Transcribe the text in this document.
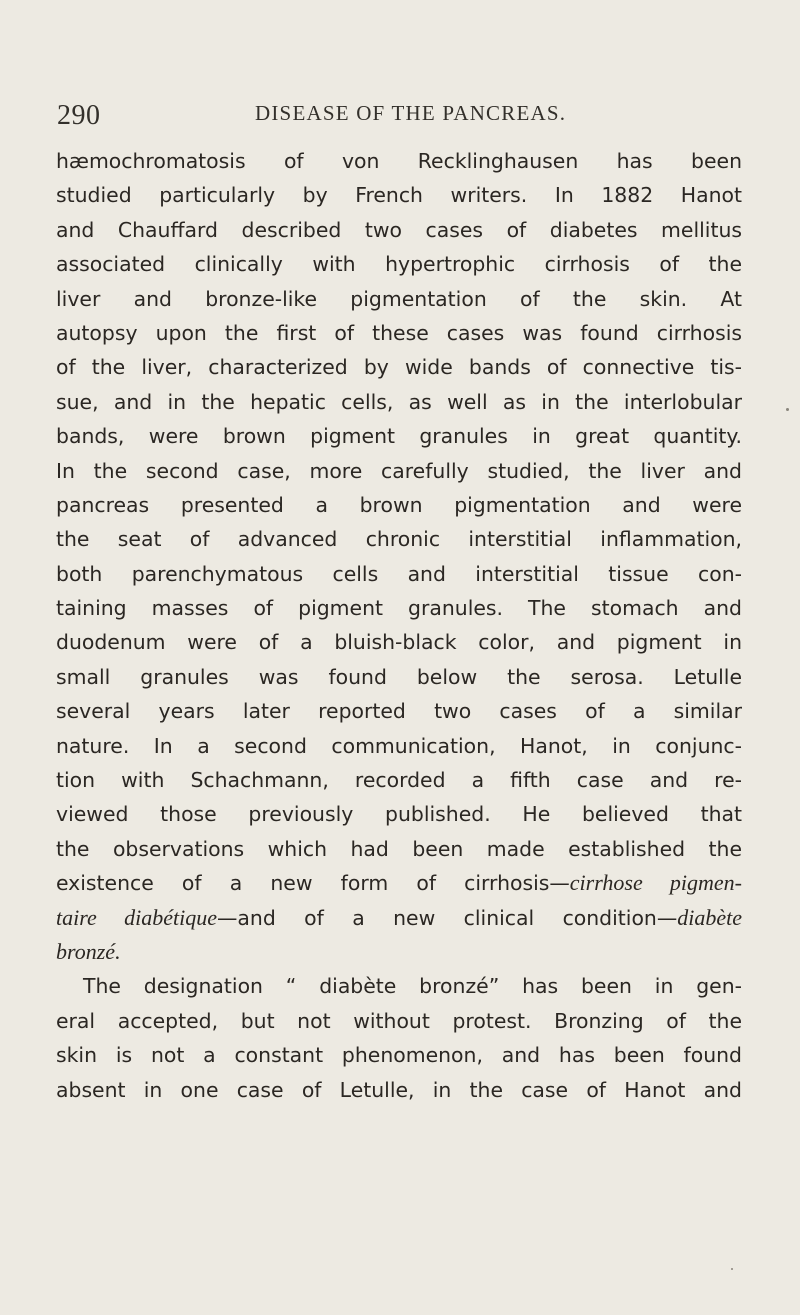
290	DISEASE OF THE PANCREAS.
hæmochromatosis of von Recklinghausen has been
studied particularly by French writers. In 1882 Hanot
and Chauffard described two cases of diabetes mellitus
associated clinically with hypertrophic cirrhosis of the
liver and bronze-like pigmentation of the skin. At
autopsy upon the first of these cases was found cirrhosis
of the liver, characterized by wide bands of connective tis-
sue, and in the hepatic cells, as well as in the interlobular
bands, were brown pigment granules in great quantity.
In the second case, more carefully studied, the liver and
pancreas presented a brown pigmentation and were
the seat of advanced chronic interstitial inflammation,
both parenchymatous cells and interstitial tissue con-
taining masses of pigment granules. The stomach and
duodenum were of a bluish-black color, and pigment in
small granules was found below the serosa. Letulle
several years later reported two cases of a similar
nature. In a second communication, Hanot, in conjunc-
tion with Schachmann, recorded a fifth case and re-
viewed those previously published. He believed that
the observations which had been made established the
existence of a new form of cirrhosis—cirrhose pigmen-
taire diabétique—and of a new clinical condition—diabète
bronzé.
The designation “ diabète bronzé” has been in gen-
eral accepted, but not without protest. Bronzing of the
skin is not a constant phenomenon, and has been found
absent in one case of Letulle, in the case of Hanot and
